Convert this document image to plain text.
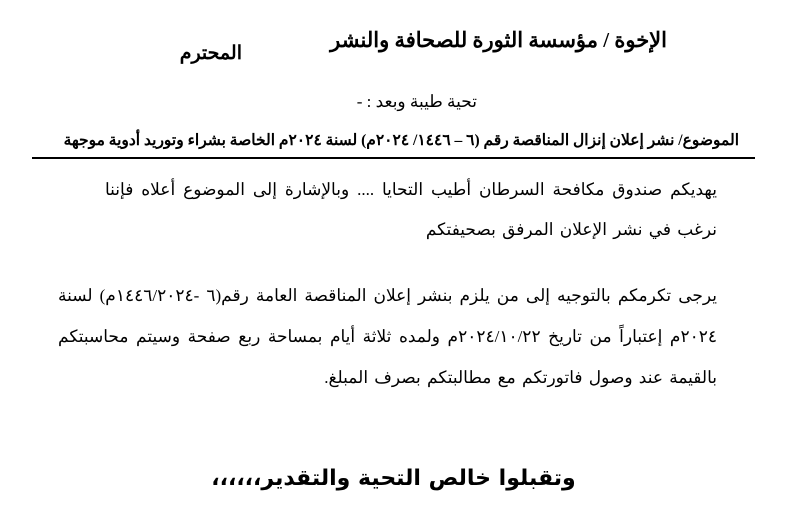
الإخوة / مؤسسة الثورة للصحافة والنشر
المحترم
تحية طيبة وبعد : -
الموضوع/ نشر إعلان إنزال المناقصة رقم (٦ – ١٤٤٦/ ٢٠٢٤م) لسنة ٢٠٢٤م الخاصة بشراء وتوريد أدوية موجهة
يهديكم صندوق مكافحة السرطان أطيب التحايا .... وبالإشارة إلى الموضوع أعلاه فإننا نرغب في نشر الإعلان المرفق بصحيفتكم
يرجى تكرمكم بالتوجيه إلى من يلزم بنشر إعلان المناقصة العامة رقم(٦ -١٤٤٦/٢٠٢٤م) لسنة ٢٠٢٤م إعتباراً من تاريخ ٢٠٢٤/١٠/٢٢م ولمده ثلاثة أيام بمساحة ربع صفحة وسيتم محاسبتكم بالقيمة عند وصول فاتورتكم مع مطالبتكم بصرف المبلغ.
وتقبلوا خالص التحية والتقدير،،،،،،
